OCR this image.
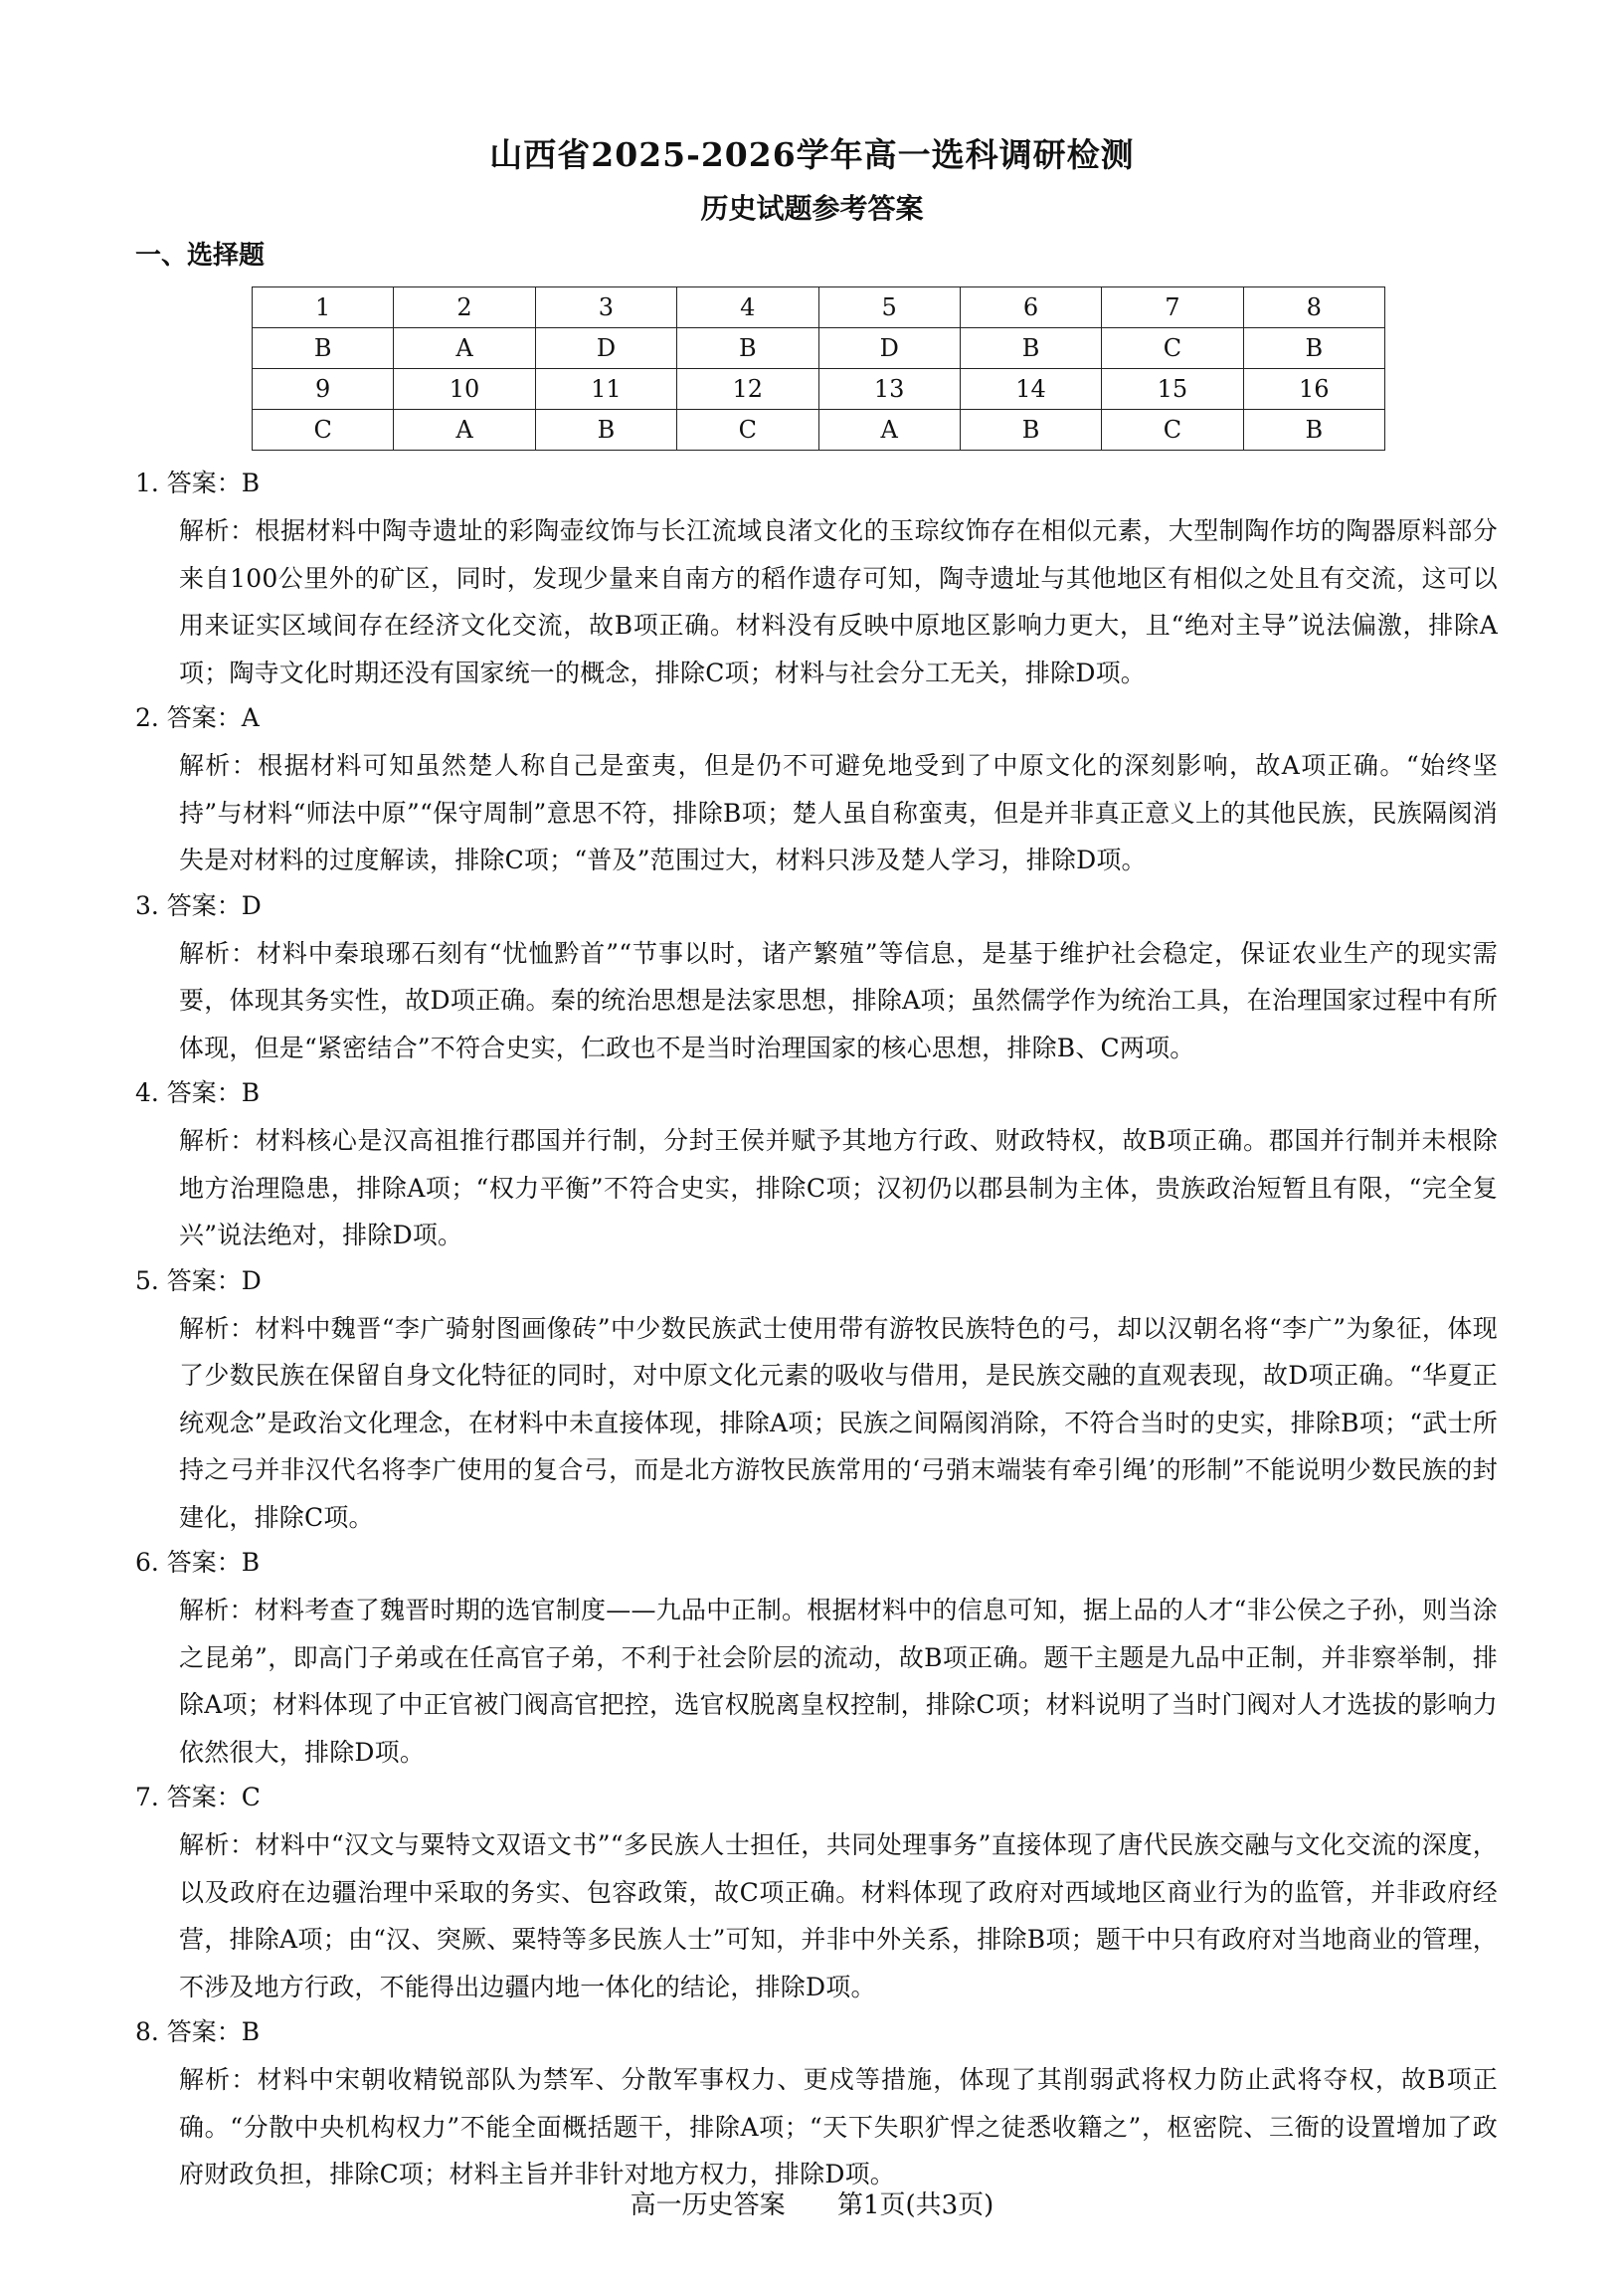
山西省2025-2026学年高一选科调研检测
历史试题参考答案
一、选择题
1	2	3	4	5	6	7	8
B	A	D	B	D	B	C	B
9	10	11	12	13	14	15	16
C	A	B	C	A	B	C	B
1. 答案：B
解析：根据材料中陶寺遗址的彩陶壶纹饰与长江流域良渚文化的玉琮纹饰存在相似元素，大型制陶作坊的陶器原料部分来自100公里外的矿区，同时，发现少量来自南方的稻作遗存可知，陶寺遗址与其他地区有相似之处且有交流，这可以用来证实区域间存在经济文化交流，故B项正确。材料没有反映中原地区影响力更大，且“绝对主导”说法偏激，排除A项；陶寺文化时期还没有国家统一的概念，排除C项；材料与社会分工无关，排除D项。
2. 答案：A
解析：根据材料可知虽然楚人称自己是蛮夷，但是仍不可避免地受到了中原文化的深刻影响，故A项正确。“始终坚持”与材料“师法中原”“保守周制”意思不符，排除B项；楚人虽自称蛮夷，但是并非真正意义上的其他民族，民族隔阂消失是对材料的过度解读，排除C项；“普及”范围过大，材料只涉及楚人学习，排除D项。
3. 答案：D
解析：材料中秦琅琊石刻有“忧恤黔首”“节事以时，诸产繁殖”等信息，是基于维护社会稳定，保证农业生产的现实需要，体现其务实性，故D项正确。秦的统治思想是法家思想，排除A项；虽然儒学作为统治工具，在治理国家过程中有所体现，但是“紧密结合”不符合史实，仁政也不是当时治理国家的核心思想，排除B、C两项。
4. 答案：B
解析：材料核心是汉高祖推行郡国并行制，分封王侯并赋予其地方行政、财政特权，故B项正确。郡国并行制并未根除地方治理隐患，排除A项；“权力平衡”不符合史实，排除C项；汉初仍以郡县制为主体，贵族政治短暂且有限，“完全复兴”说法绝对，排除D项。
5. 答案：D
解析：材料中魏晋“李广骑射图画像砖”中少数民族武士使用带有游牧民族特色的弓，却以汉朝名将“李广”为象征，体现了少数民族在保留自身文化特征的同时，对中原文化元素的吸收与借用，是民族交融的直观表现，故D项正确。“华夏正统观念”是政治文化理念，在材料中未直接体现，排除A项；民族之间隔阂消除，不符合当时的史实，排除B项；“武士所持之弓并非汉代名将李广使用的复合弓，而是北方游牧民族常用的‘弓弰末端装有牵引绳’的形制”不能说明少数民族的封建化，排除C项。
6. 答案：B
解析：材料考查了魏晋时期的选官制度——九品中正制。根据材料中的信息可知，据上品的人才“非公侯之子孙，则当涂之昆弟”，即高门子弟或在任高官子弟，不利于社会阶层的流动，故B项正确。题干主题是九品中正制，并非察举制，排除A项；材料体现了中正官被门阀高官把控，选官权脱离皇权控制，排除C项；材料说明了当时门阀对人才选拔的影响力依然很大，排除D项。
7. 答案：C
解析：材料中“汉文与粟特文双语文书”“多民族人士担任，共同处理事务”直接体现了唐代民族交融与文化交流的深度，以及政府在边疆治理中采取的务实、包容政策，故C项正确。材料体现了政府对西域地区商业行为的监管，并非政府经营，排除A项；由“汉、突厥、粟特等多民族人士”可知，并非中外关系，排除B项；题干中只有政府对当地商业的管理，不涉及地方行政，不能得出边疆内地一体化的结论，排除D项。
8. 答案：B
解析：材料中宋朝收精锐部队为禁军、分散军事权力、更戍等措施，体现了其削弱武将权力防止武将夺权，故B项正确。“分散中央机构权力”不能全面概括题干，排除A项；“天下失职犷悍之徒悉收籍之”，枢密院、三衙的设置增加了政府财政负担，排除C项；材料主旨并非针对地方权力，排除D项。
高一历史答案 第1页(共3页)
